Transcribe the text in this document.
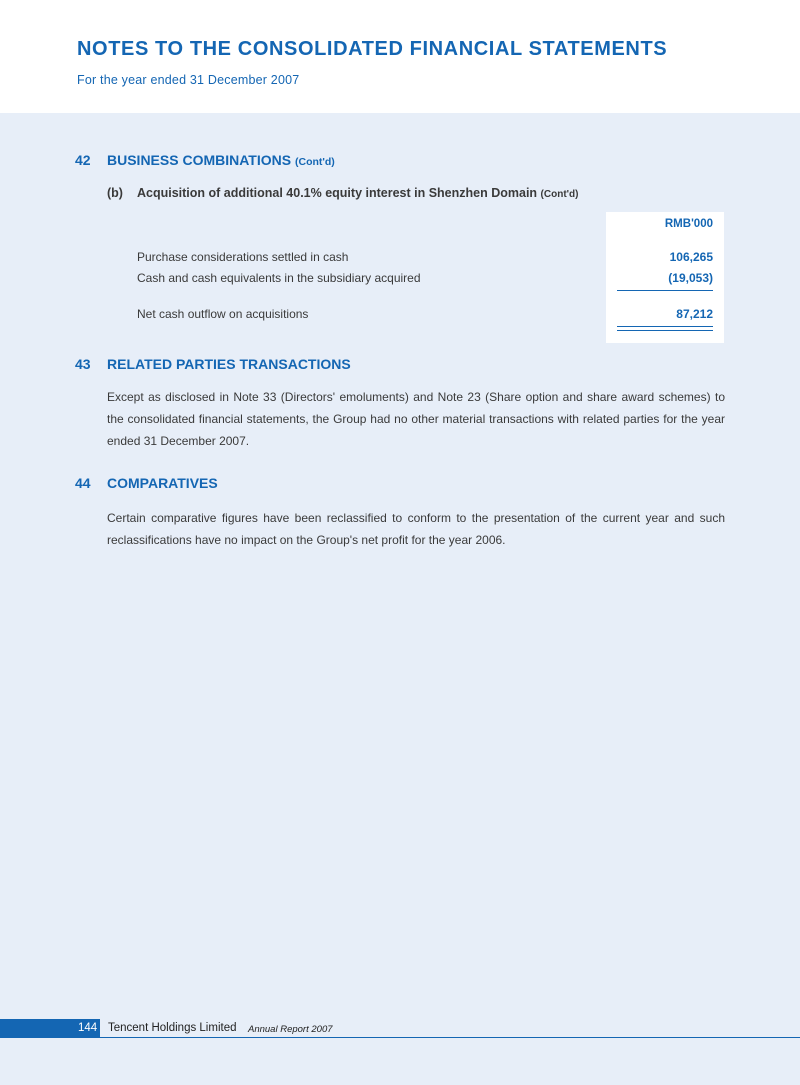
NOTES TO THE CONSOLIDATED FINANCIAL STATEMENTS
For the year ended 31 December 2007
42 BUSINESS COMBINATIONS (Cont'd)
(b) Acquisition of additional 40.1% equity interest in Shenzhen Domain (Cont'd)
RMB'000
Purchase considerations settled in cash	106,265
Cash and cash equivalents in the subsidiary acquired	(19,053)
Net cash outflow on acquisitions	87,212
43 RELATED PARTIES TRANSACTIONS
Except as disclosed in Note 33 (Directors' emoluments) and Note 23 (Share option and share award schemes) to the consolidated financial statements, the Group had no other material transactions with related parties for the year ended 31 December 2007.
44 COMPARATIVES
Certain comparative figures have been reclassified to conform to the presentation of the current year and such reclassifications have no impact on the Group's net profit for the year 2006.
144 Tencent Holdings Limited Annual Report 2007
